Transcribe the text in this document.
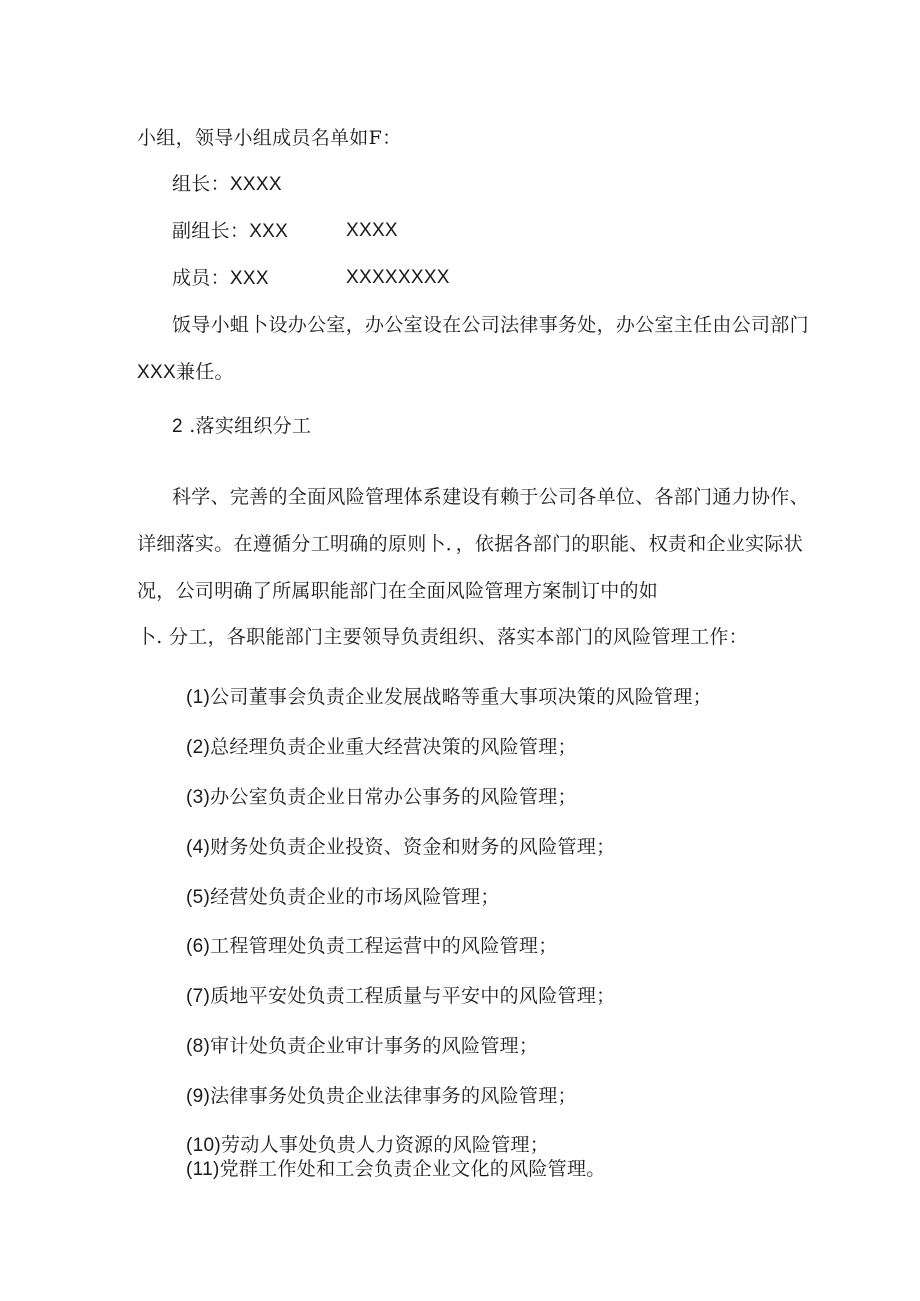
小组，领导小组成员名单如F：
组长：XXXX
副组长：XXX	XXXX
成员：XXX	XXXXXXXX
饭导小蛆卜设办公室，办公室设在公司法律事务处，办公室主任由公司部门
XXX兼任。
2 .落实组织分工
科学、完善的全面风险管理体系建设有赖于公司各单位、各部门通力协作、
详细落实。在遵循分工明确的原则卜．，依据各部门的职能、权责和企业实际状
况，公司明确了所属职能部门在全面风险管理方案制订中的如
卜. 分工，各职能部门主要领导负责组织、落实本部门的风险管理工作：
(1)公司董事会负责企业发展战略等重大事项决策的风险管理；
(2)总经理负责企业重大经营决策的风险管理；
(3)办公室负责企业日常办公事务的风险管理；
(4)财务处负责企业投资、资金和财务的风险管理；
(5)经营处负责企业的市场风险管理；
(6)工程管理处负责工程运营中的风险管理；
(7)质地平安处负责工程质量与平安中的风险管理；
(8)审计处负责企业审计事务的风险管理；
(9)法律事务处负贵企业法律事务的风险管理；
(10)劳动人事处负贵人力资源的风险管理；
(11)党群工作处和工会负责企业文化的风险管理。
